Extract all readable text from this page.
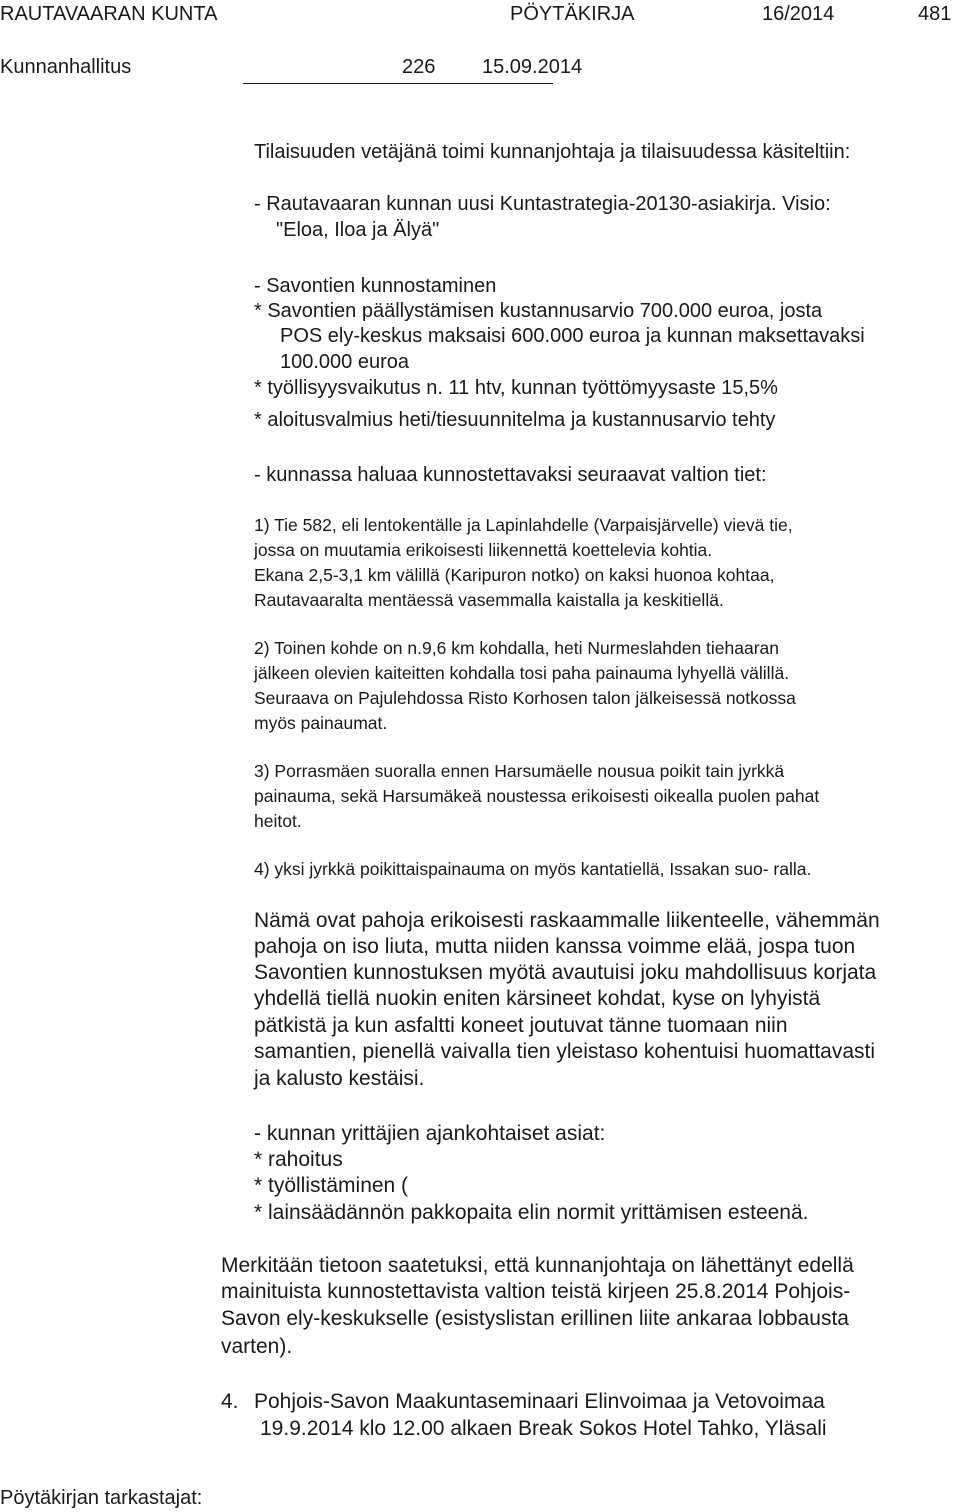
RAUTAVAARAN KUNTA	PÖYTÄKIRJA	16/2014	481
Kunnanhallitus	226 15.09.2014
Tilaisuuden vetäjänä toimi kunnanjohtaja ja tilaisuudessa käsiteltiin:
- Rautavaaran kunnan uusi Kuntastrategia-20130-asiakirja. Visio:
"Eloa, Iloa ja Älyä"
- Savontien kunnostaminen
* Savontien päällystämisen kustannusarvio 700.000 euroa, josta
POS ely-keskus maksaisi 600.000 euroa ja kunnan maksettavaksi
100.000 euroa
* työllisyysvaikutus n. 11 htv, kunnan työttömyysaste 15,5%
* aloitusvalmius heti/tiesuunnitelma ja kustannusarvio tehty
- kunnassa haluaa kunnostettavaksi seuraavat valtion tiet:
1) Tie 582, eli lentokentälle ja Lapinlahdelle (Varpaisjärvelle) vievä tie,
jossa on muutamia erikoisesti liikennettä koettelevia kohtia.
Ekana 2,5-3,1 km välillä (Karipuron notko) on kaksi huonoa kohtaa,
Rautavaaralta mentäessä vasemmalla kaistalla ja keskitiellä.
2) Toinen kohde on n.9,6 km kohdalla, heti Nurmeslahden tiehaaran
jälkeen olevien kaiteitten kohdalla tosi paha painauma lyhyellä välillä.
Seuraava on Pajulehdossa Risto Korhosen talon jälkeisessä notkossa
myös painaumat.
3) Porrasmäen suoralla ennen Harsumäelle nousua poikit tain jyrkkä
painauma, sekä Harsumäkeä noustessa erikoisesti oikealla puolen pahat
heitot.
4) yksi jyrkkä poikittaispainauma on myös kantatiellä, Issakan suo- ralla.
Nämä ovat pahoja erikoisesti raskaammalle liikenteelle, vähemmän
pahoja on iso liuta, mutta niiden kanssa voimme elää, jospa tuon
Savontien kunnostuksen myötä avautuisi joku mahdollisuus korjata
yhdellä tiellä nuokin eniten kärsineet kohdat, kyse on lyhyistä
pätkistä ja kun asfaltti koneet joutuvat tänne tuomaan niin
samantien, pienellä vaivalla tien yleistaso kohentuisi huomattavasti
ja kalusto kestäisi.
- kunnan yrittäjien ajankohtaiset asiat:
* rahoitus
* työllistäminen (
* lainsäädännön pakkopaita elin normit yrittämisen esteenä.
Merkitään tietoon saatetuksi, että kunnanjohtaja on lähettänyt edellä
mainituista kunnostettavista valtion teistä kirjeen 25.8.2014 Pohjois-
Savon ely-keskukselle (esistyslistan erillinen liite ankaraa lobbausta
varten).
4. Pohjois-Savon Maakuntaseminaari Elinvoimaa ja Vetovoimaa
19.9.2014 klo 12.00 alkaen Break Sokos Hotel Tahko, Yläsali
Pöytäkirjan tarkastajat:
